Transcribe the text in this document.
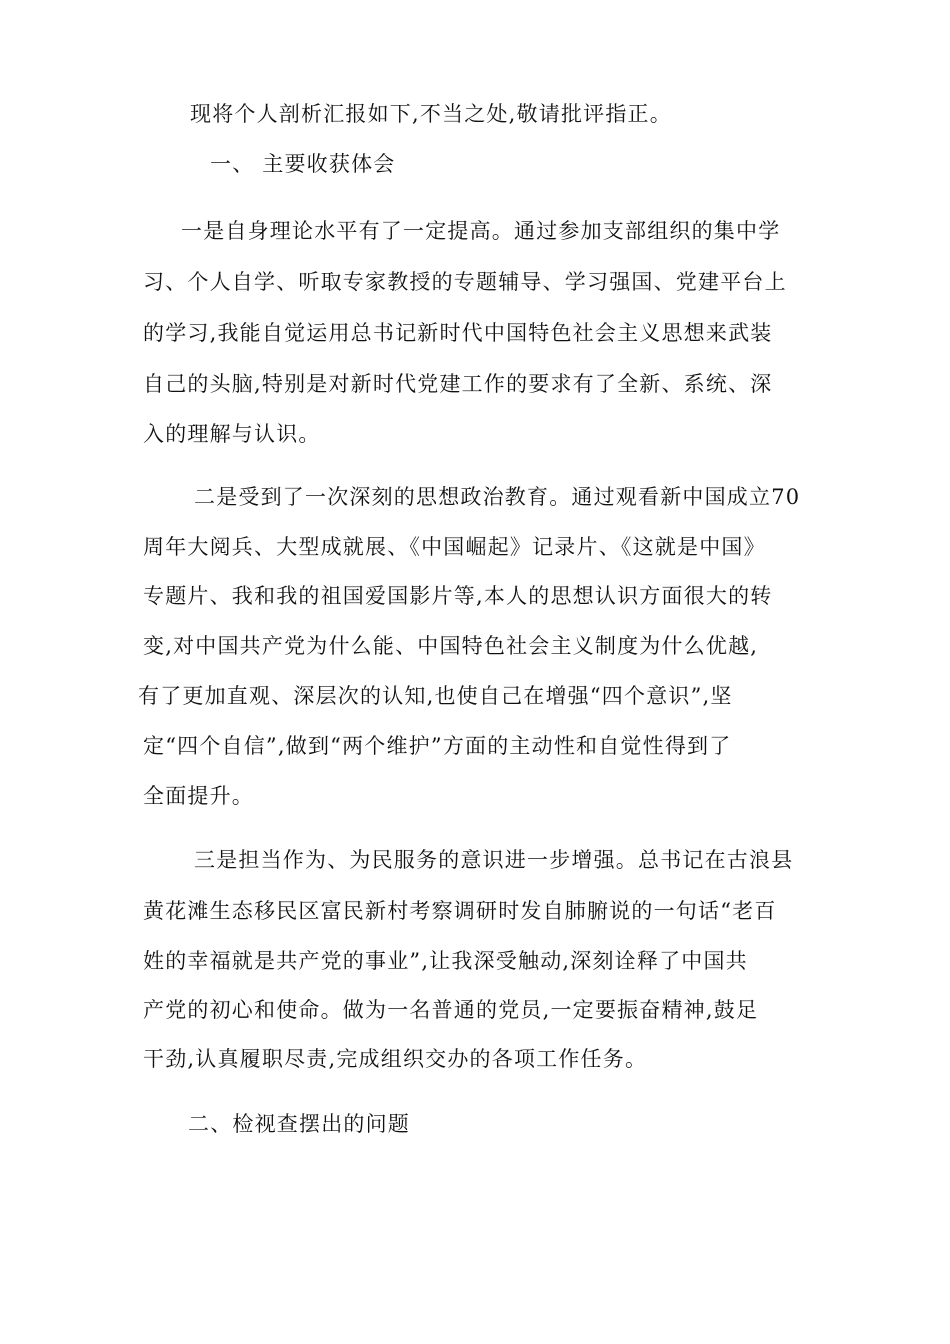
现将个人剖析汇报如下,不当之处,敬请批评指正。
一、 主要收获体会
一是自身理论水平有了一定提高。通过参加支部组织的集中学
习、个人自学、听取专家教授的专题辅导、学习强国、党建平台上
的学习,我能自觉运用总书记新时代中国特色社会主义思想来武装
自己的头脑,特别是对新时代党建工作的要求有了全新、系统、深
入的理解与认识。
二是受到了一次深刻的思想政治教育。通过观看新中国成立70
周年大阅兵、大型成就展、《中国崛起》记录片、《这就是中国》
专题片、我和我的祖国爱国影片等,本人的思想认识方面很大的转
变,对中国共产党为什么能、中国特色社会主义制度为什么优越,
有了更加直观、深层次的认知,也使自己在增强“四个意识”,坚
定“四个自信”,做到“两个维护”方面的主动性和自觉性得到了
全面提升。
三是担当作为、为民服务的意识进一步增强。总书记在古浪县
黄花滩生态移民区富民新村考察调研时发自肺腑说的一句话“老百
姓的幸福就是共产党的事业”,让我深受触动,深刻诠释了中国共
产党的初心和使命。做为一名普通的党员,一定要振奋精神,鼓足
干劲,认真履职尽责,完成组织交办的各项工作任务。
二、检视查摆出的问题
